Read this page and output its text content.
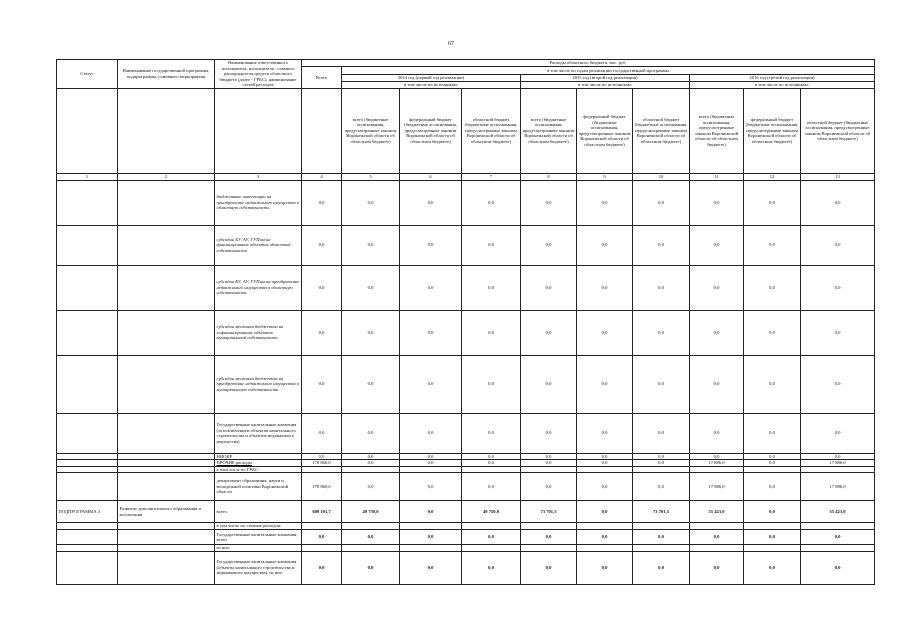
67
Статус	Наименование государственной программы, подпрограммы, основного мероприятия	Наименование ответственного исполнителя, исполнителя - главного распорядителя средств областного бюджета (далее - ГРБС), наименование статей расходов	Расходы областного бюджета, тыс. руб.									
			Всего	в том числе по годам реализации государственной программы								
				2014 год (первый год реализации)			2015 год (второй год реализации)			2016 год (третий год реализации)		
				в том числе по источникам:			в том числе по источникам:			в том числе по источникам:		
				всего (бюджетные ассигнования, предусмотренные законом Воронежской области об областном бюджете)	федеральный бюджет (бюджетные ассигнования, предусмотренные законом Воронежской области об областном бюджете)	областной бюджет (бюджетные ассигнования, предусмотренные законом Воронежской области об областном бюджете)	всего (бюджетные ассигнования, предусмотренные законом Воронежской области об областном бюджете)	федеральный бюджет (бюджетные ассигнования, предусмотренные законом Воронежской области об областном бюджете)	областной бюджет (бюджетные ассигнования, предусмотренные законом Воронежской области об областном бюджете)	всего (бюджетные ассигнования, предусмотренные законом Воронежской области об областном бюджете)	федеральный бюджет (бюджетные ассигнования, предусмотренные законом Воронежской области об областном бюджете)	областной бюджет (бюджетные ассигнования, предусмотренные законом Воронежской области об областном бюджете)
1	2	3	4	5	6	7	8	9	10	11	12	13
		бюджетные инвестиции на приобретение недвижимого имущества в областную собственность	0,0	0,0	0,0	0,0	0,0	0,0	0,0	0,0	0,0	0,0
		субсидии БУ, АУ, ГУПам на финансирование объектов областной собственности	0,0	0,0	0,0	0,0	0,0	0,0	0,0	0,0	0,0	0,0
		субсидии БУ, АУ, ГУПам на приобретение недвижимого имущества в областную собственность	0,0	0,0	0,0	0,0	0,0	0,0	0,0	0,0	0,0	0,0
		субсидии местным бюджетам на софинансирование объектов муниципальной собственности	0,0	0,0	0,0	0,0	0,0	0,0	0,0	0,0	0,0	0,0
		субсидии местным бюджетам на приобретение недвижимого имущества в муниципальную собственность	0,0	0,0	0,0	0,0	0,0	0,0	0,0	0,0	0,0	0,0
		Государственные капитальные вложения (за исключением объектов капитального строительства и объектов недвижимого имущества)	0,0	0,0	0,0	0,0	0,0	0,0	0,0	0,0	0,0	0,0
		НИОКР	0,0	0,0	0,0	0,0	0,0	0,0	0,0	0,0	0,0	0,0
		ПРОЧИЕ расходы	178 860,0	0,0	0,0	0,0	0,0	0,0	0,0	17 886,0	0,0	17 886,0
		в том числе по ГРБС:										
		департамент образования, науки и молодежной политики Воронежской области	178 860,0	0,0	0,0	0,0	0,0	0,0	0,0	17 886,0	0,0	17 886,0
ПОДПРОГРАММА 3	Развитие дополнительного образования и воспитания	всего	680 101,7	49 750,0	0,0	49 750,0	73 701,5	0,0	73 701,5	55 423,0	0,0	55 423,0
		в том числе по статьям расходов:										
		Государственные капитальные вложения, всего	0,0	0,0	0,0	0,0	0,0	0,0	0,0	0,0	0,0	0,0
		из них:										
		Государственные капитальные вложения (объекты капитального строительства и недвижимого имущества), из них:	0,0	0,0	0,0	0,0	0,0	0,0	0,0	0,0	0,0	0,0
